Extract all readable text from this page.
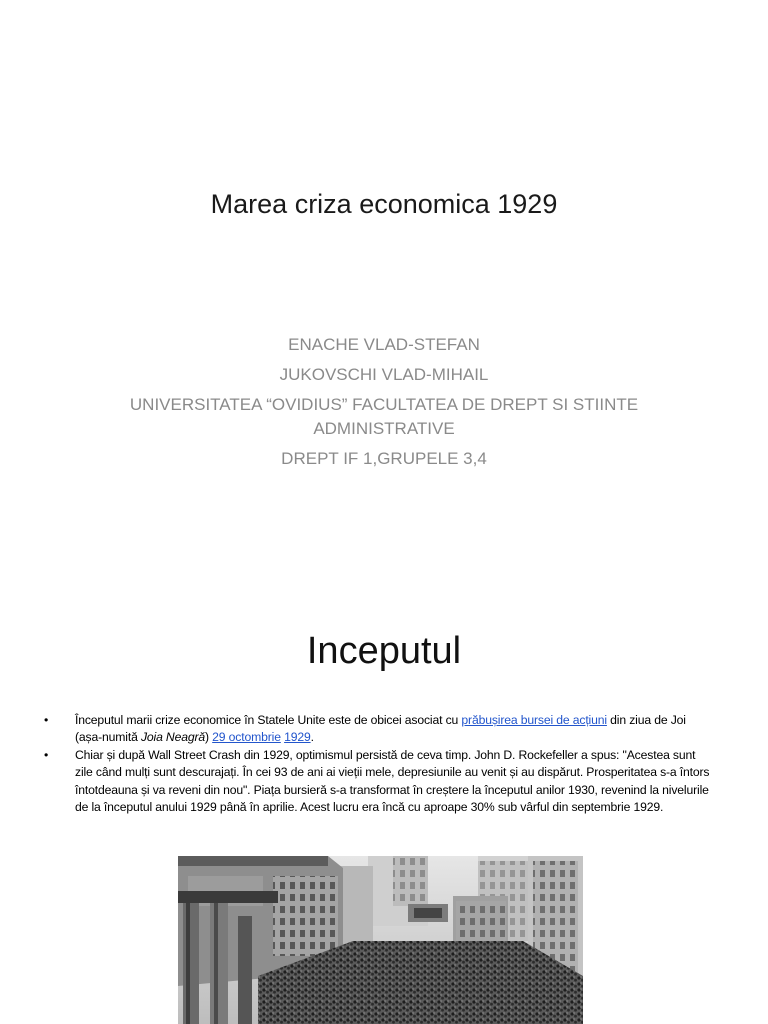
Marea criza economica 1929
ENACHE VLAD-STEFAN
JUKOVSCHI VLAD-MIHAIL
UNIVERSITATEA “OVIDIUS” FACULTATEA DE DREPT SI STIINTE
ADMINISTRATIVE
DREPT IF 1,GRUPELE 3,4
Inceputul
• Începutul marii crize economice în Statele Unite este de obicei asociat cu prăbușirea bursei de acțiuni din ziua de Joi (așa-numită Joia Neagră) 29 octombrie 1929.
• Chiar și după Wall Street Crash din 1929, optimismul persistă de ceva timp. John D. Rockefeller a spus: "Acestea sunt zile când mulți sunt descurajați. În cei 93 de ani ai vieții mele, depresiunile au venit și au dispărut. Prosperitatea s-a întors întotdeauna și va reveni din nou". Piața bursieră s-a transformat în creștere la începutul anilor 1930, revenind la nivelurile de la începutul anului 1929 până în aprilie. Acest lucru era încă cu aproape 30% sub vârful din septembrie 1929.
